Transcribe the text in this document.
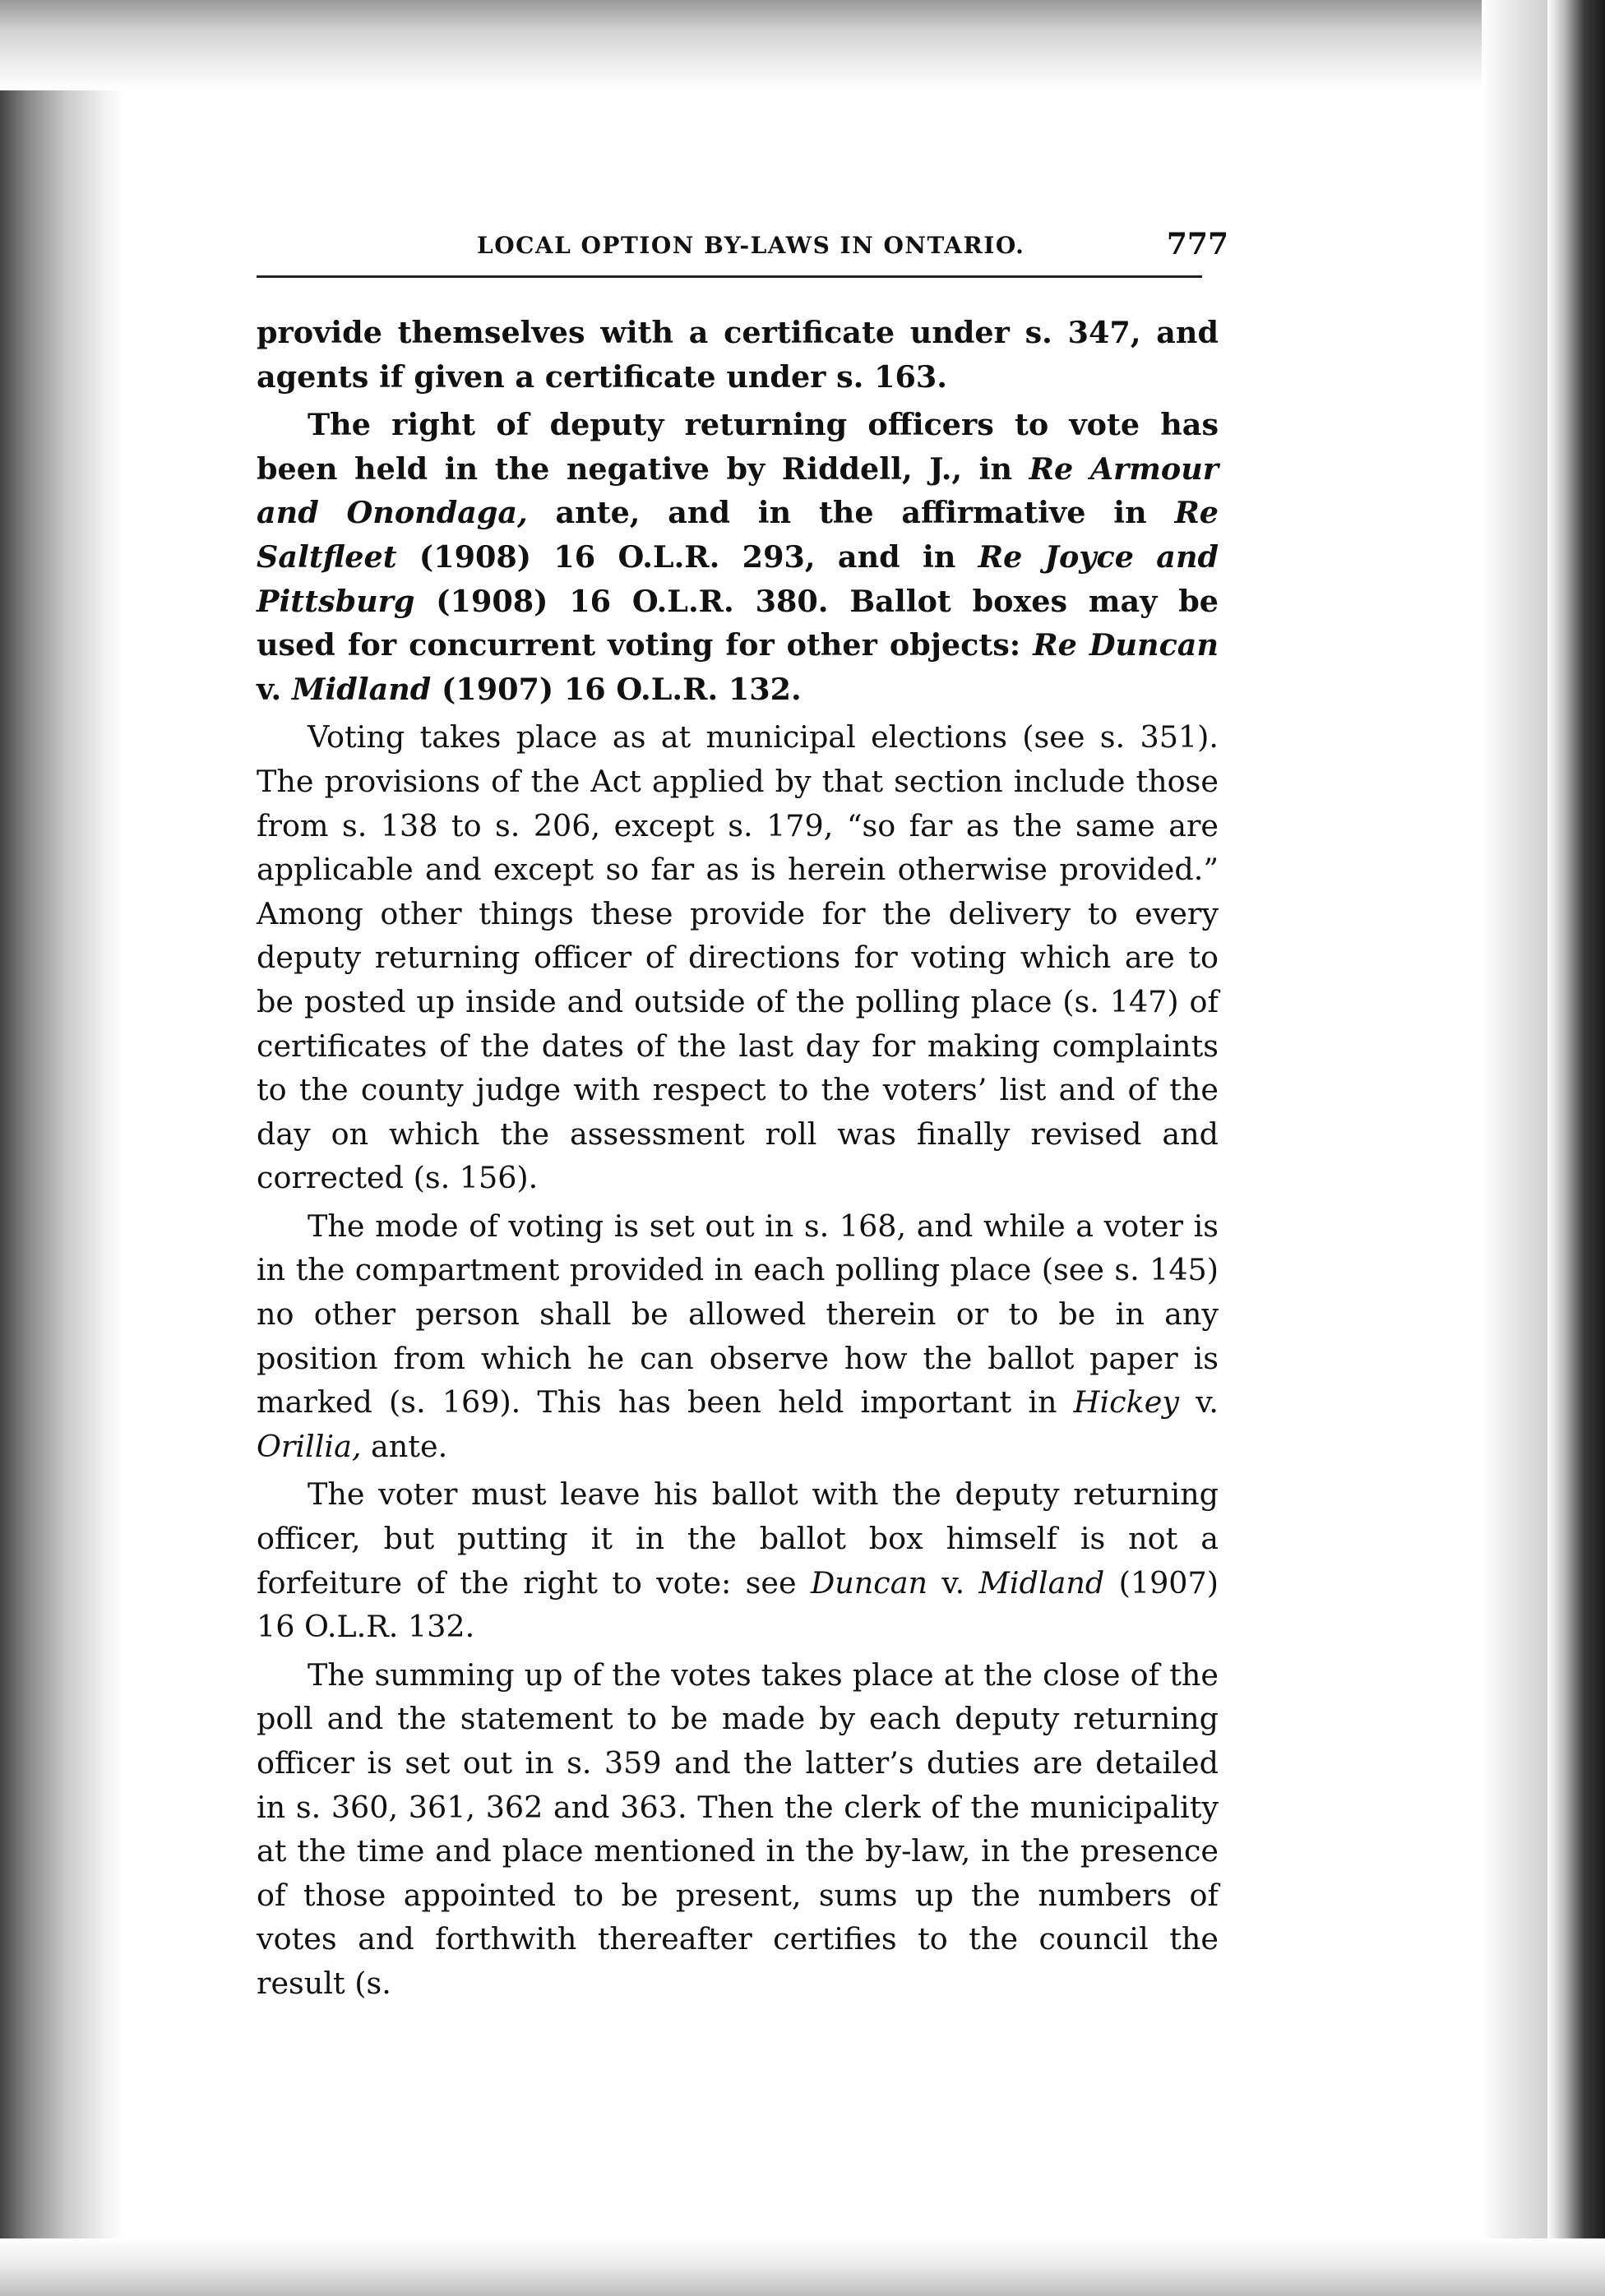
LOCAL OPTION BY-LAWS IN ONTARIO.	777

provide themselves with a certificate under s. 347, and agents if given a certificate under s. 163.

The right of deputy returning officers to vote has been held in the negative by Riddell, J., in Re Armour and Onondaga, ante, and in the affirmative in Re Saltfleet (1908) 16 O.L.R. 293, and in Re Joyce and Pittsburg (1908) 16 O.L.R. 380. Ballot boxes may be used for concurrent voting for other objects: Re Duncan v. Midland (1907) 16 O.L.R. 132.

Voting takes place as at municipal elections (see s. 351). The provisions of the Act applied by that section include those from s. 138 to s. 206, except s. 179, “so far as the same are applicable and except so far as is herein otherwise provided.” Among other things these provide for the delivery to every deputy returning officer of directions for voting which are to be posted up inside and outside of the polling place (s. 147) of certificates of the dates of the last day for making complaints to the county judge with respect to the voters’ list and of the day on which the assessment roll was finally revised and corrected (s. 156).

The mode of voting is set out in s. 168, and while a voter is in the compartment provided in each polling place (see s. 145) no other person shall be allowed therein or to be in any position from which he can observe how the ballot paper is marked (s. 169). This has been held important in Hickey v. Orillia, ante.

The voter must leave his ballot with the deputy returning officer, but putting it in the ballot box himself is not a forfeiture of the right to vote: see Duncan v. Midland (1907) 16 O.L.R. 132.

The summing up of the votes takes place at the close of the poll and the statement to be made by each deputy returning officer is set out in s. 359 and the latter’s duties are detailed in s. 360, 361, 362 and 363. Then the clerk of the municipality at the time and place mentioned in the by-law, in the presence of those appointed to be present, sums up the numbers of votes and forthwith thereafter certifies to the council the result (s.
